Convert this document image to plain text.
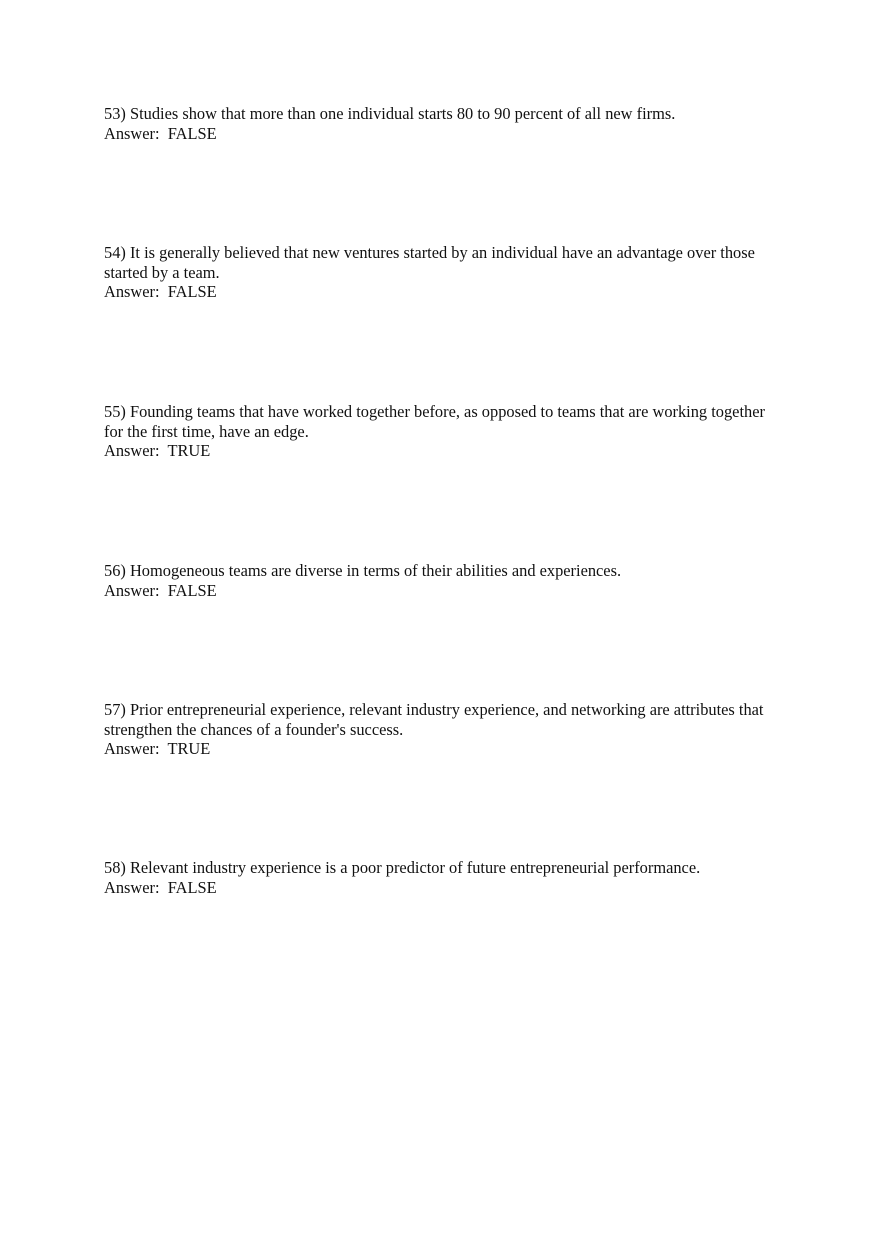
53) Studies show that more than one individual starts 80 to 90 percent of all new firms.

Answer: FALSE

54) It is generally believed that new ventures started by an individual have an advantage over those started by a team.

Answer: FALSE

55) Founding teams that have worked together before, as opposed to teams that are working together for the first time, have an edge.

Answer: TRUE

56) Homogeneous teams are diverse in terms of their abilities and experiences.

Answer: FALSE

57) Prior entrepreneurial experience, relevant industry experience, and networking are attributes that strengthen the chances of a founder's success.

Answer: TRUE

58) Relevant industry experience is a poor predictor of future entrepreneurial performance.

Answer: FALSE
